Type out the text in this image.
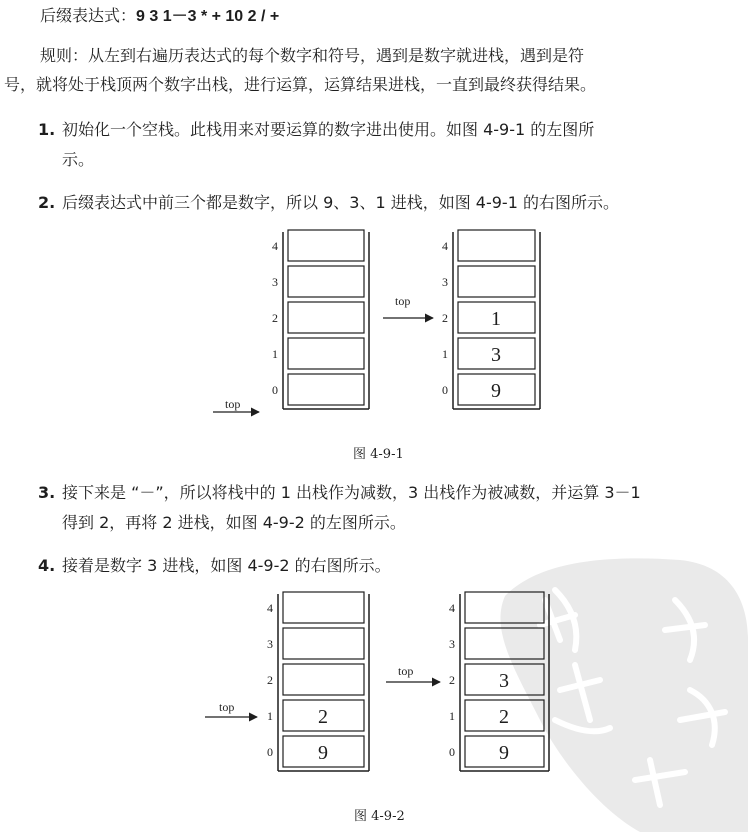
后缀表达式：9 3 1－3 * + 10 2 / +
规则：从左到右遍历表达式的每个数字和符号，遇到是数字就进栈，遇到是符
号，就将处于栈顶两个数字出栈，进行运算，运算结果进栈，一直到最终获得结果。
1. 初始化一个空栈。此栈用来对要运算的数字进出使用。如图 4-9-1 的左图所
示。
2. 后缀表达式中前三个都是数字，所以 9、3、1 进栈，如图 4-9-1 的右图所示。
3. 接下来是 “－”，所以将栈中的 1 出栈作为减数，3 出栈作为被减数，并运算 3－1
得到 2，再将 2 进栈，如图 4-9-2 的左图所示。
4. 接着是数字 3 进栈，如图 4-9-2 的右图所示。
图 4-9-1
图 4-9-2
4
3
2
1
0
top
4
3
2
1
0
1
3
9
top
4
3
2
1
0
2
9
top
4
3
2
1
0
3
2
9
top
